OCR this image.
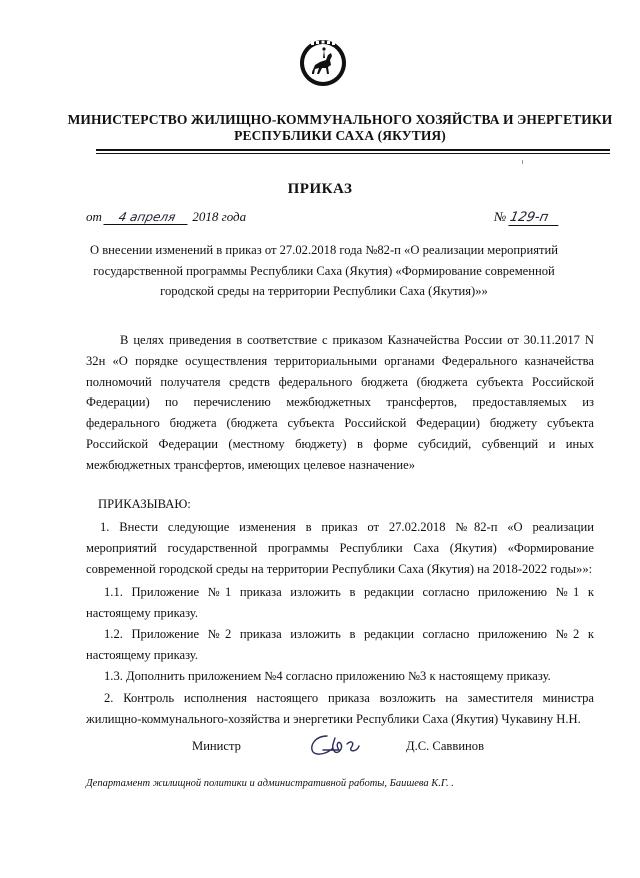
МИНИСТЕРСТВО ЖИЛИЩНО-КОММУНАЛЬНОГО ХОЗЯЙСТВА И ЭНЕРГЕТИКИ
РЕСПУБЛИКИ САХА (ЯКУТИЯ)
ПРИКАЗ
от 4 апреля 2018 года	№ 129-п
О внесении изменений в приказ от 27.02.2018 года №82-п «О реализации мероприятий государственной программы Республики Саха (Якутия) «Формирование современной городской среды на территории Республики Саха (Якутия)»»
В целях приведения в соответствие с приказом Казначейства России от 30.11.2017 N 32н «О порядке осуществления территориальными органами Федерального казначейства полномочий получателя средств федерального бюджета (бюджета субъекта Российской Федерации) по перечислению межбюджетных трансфертов, предоставляемых из федерального бюджета (бюджета субъекта Российской Федерации) бюджету субъекта Российской Федерации (местному бюджету) в форме субсидий, субвенций и иных межбюджетных трансфертов, имеющих целевое назначение»
ПРИКАЗЫВАЮ:
1. Внести следующие изменения в приказ от 27.02.2018 №82-п «О реализации мероприятий государственной программы Республики Саха (Якутия) «Формирование современной городской среды на территории Республики Саха (Якутия) на 2018-2022 годы»»:
1.1. Приложение №1 приказа изложить в редакции согласно приложению №1 к настоящему приказу.
1.2. Приложение №2 приказа изложить в редакции согласно приложению №2 к настоящему приказу.
1.3. Дополнить приложением №4 согласно приложению №3 к настоящему приказу.
2. Контроль исполнения настоящего приказа возложить на заместителя министра жилищно-коммунального-хозяйства и энергетики Республики Саха (Якутия) Чукавину Н.Н.
Министр	Д.С. Саввинов
Департамент жилищной политики и административной работы, Баишева К.Г. .
